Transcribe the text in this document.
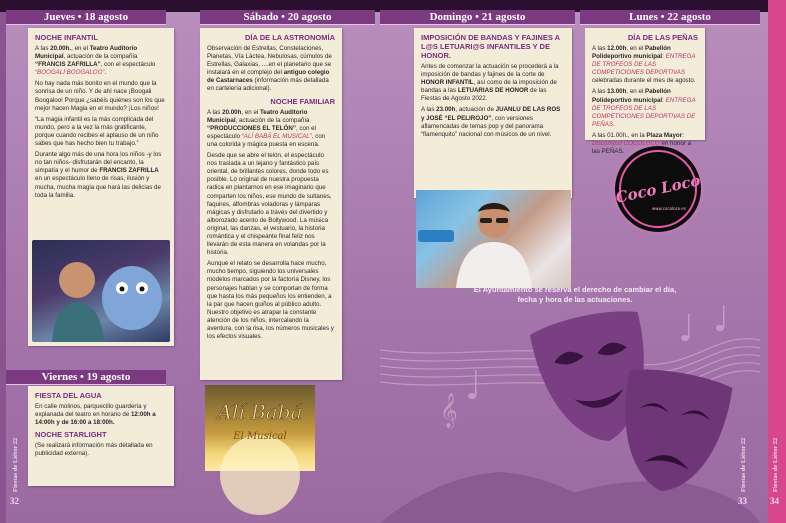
𝄞
Jueves • 18 agosto
Viernes • 19 agosto
Sábado • 20 agosto	Domingo • 21 agosto	Lunes • 22 agosto
NOCHE INFANTIL

A las 20.00h., en el Teatro Auditorio Municipal, actuación de la compañía “FRANCIS ZAFRILLA”, con el espectáculo “BOOGALI BOOGALOO”.

No hay nada más bonito en el mundo que la sonrisa de un niño. Y de ahí nace ¡Boogali Boogaloo! Porque ¿sabéis quiénes son los que mejor hacen Magia en el mundo? ¡Los niños!

“La magia infantil es la más complicada del mundo, pero a la vez la más gratificante, porque cuando recibes el aplauso de un niño sabes que has hecho bien tu trabajo.”

Durante algo más de una hora los niños -y los no tan niños- disfrutarán del encanto, la simpatía y el humor de FRANCIS ZAFRILLA en un espectáculo lleno de risas, ilusión y mucha, mucha magia que hará las delicias de toda la familia.

FIESTA DEL AGUA

En calle molinos, parquecillo guardería y explanada del teatro en horario de 12:00h a 14:00h y de 16:00 a 18:00h.

NOCHE STARLIGHT

(Se realizará información más detallada en publicidad externa).

DÍA DE LA ASTRONOMÍA

Observación de Estrellas, Constelaciones, Planetas, Vía Láctea, Nebulosas, cúmulos de Estrellas, Galaxias, ....en el planetario que se instalará en el complejo del antiguo colegio de Castarnaces (información más detallada en cartelería adicional).

NOCHE FAMILIAR

A las 20.00h, en el Teatro Auditorio Municipal, actuación de la compañía “PRODUCCIONES EL TELÓN”, con el espectáculo “ALÍ BABÁ EL MUSICAL”, con una colorida y mágica puesta en escena.

Desde que se abre el telón, el espectáculo nos traslada a un lejano y fantástico país oriental, de brillantes colores, donde todo es posible. Lo original de nuestra propuesta radica en plantarnos en ese imaginario que comparten los niños, ese mundo de sultanes, faquires, alfombras voladoras y lámparas mágicas y disfrutarlo a través del divertido y alborozado acento de Bollywood. La música original, las danzas, el vestuario, la historia romántica y el chispeante final feliz nos llevarán de esta manera en volandas por la historia.

Aunque el relato se desarrolla hace mucho, mucho tiempo, siguiendo los universales modelos marcados por la factoría Disney, los personajes hablan y se comportan de forma que hasta los más pequeños los entienden, a la par que hacen guiños al público adulto. Nuestro objetivo es atrapar la constante atención de los niños, intercalando la aventura, con la risa, los números musicales y los efectos visuales.

Alí Babá
El Musical
IMPOSICIÓN DE BANDAS Y FAJINES A L@S LETUARI@S INFANTILES Y DE HONOR.

Antes de comenzar la actuación se procederá a la imposición de bandas y fajines de la corte de HONOR INFANTIL, así como de la imposición de bandas a las LETUARIAS DE HONOR de las Fiestas de Agosto 2022.

A las 23.00h, actuación de JUANLU DE LAS ROS y JOSÉ “EL PELIROJO”, con versiones aflamencadas de temas pop y del panorama “flamenquito” nacional con músicos de un nivel.

DÍA DE LAS PEÑAS

A las 12.00h, en el Pabellón Polideportivo municipal: ENTREGA DE TROFEOS DE LAS COMPETICIONES DEPORTIVAS celebradas durante el mes de agosto.

A las 13.00h, en el Pabellón Polideportivo municipal: ENTREGA DE TROFEOS DE LAS COMPETICIONES DEPORTIVAS DE PEÑAS.

A las 01.00h., en la Plaza Mayor: Discomóvil COCOLOCO en honor a las PEÑAS.

Coco Loco
www.cocoloco.es
El Ayuntamiento se reserva el derecho de cambiar el día, fecha y hora de las actuaciones.
32	33	34
Fiestas de Liétor 22	Fiestas de Liétor 22	Fiestas de Liétor 22
